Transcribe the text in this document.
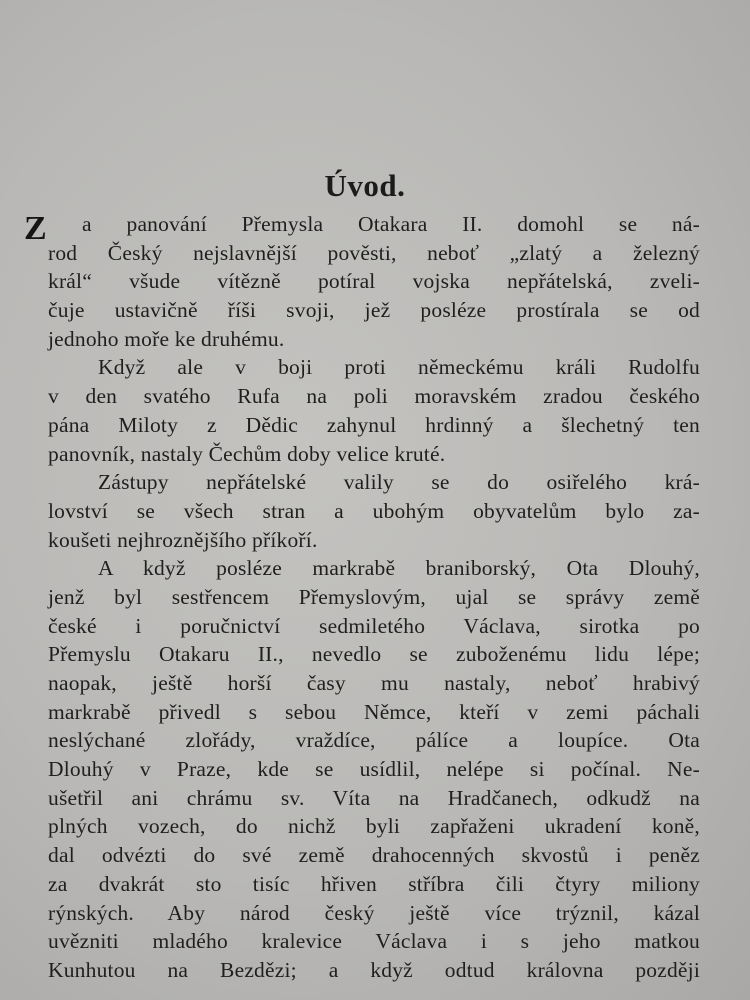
Úvod.
Z	a panování Přemysla Otakara II. domohl se ná-
rod Český nejslavnější pověsti, neboť „zlatý a železný
král“ všude vítězně potíral vojska nepřátelská, zveli-
čuje ustavičně říši svoji, jež posléze prostírala se od
jednoho moře ke druhému.
Když ale v boji proti německému králi Rudolfu
v den svatého Rufa na poli moravském zradou českého
pána Miloty z Dědic zahynul hrdinný a šlechetný ten
panovník, nastaly Čechům doby velice kruté.
Zástupy nepřátelské valily se do osiřelého krá-
lovství se všech stran a ubohým obyvatelům bylo za-
koušeti nejhroznějšího příkoří.
A když posléze markrabě braniborský, Ota Dlouhý,
jenž byl sestřencem Přemyslovým, ujal se správy země
české i poručnictví sedmiletého Václava, sirotka po
Přemyslu Otakaru II., nevedlo se zuboženému lidu lépe;
naopak, ještě horší časy mu nastaly, neboť hrabivý
markrabě přivedl s sebou Němce, kteří v zemi páchali
neslýchané zlořády, vraždíce, pálíce a loupíce. Ota
Dlouhý v Praze, kde se usídlil, nelépe si počínal. Ne-
ušetřil ani chrámu sv. Víta na Hradčanech, odkudž na
plných vozech, do nichž byli zapřaženi ukradení koně,
dal odvézti do své země drahocenných skvostů i peněz
za dvakrát sto tisíc hřiven stříbra čili čtyry miliony
rýnských. Aby národ český ještě více trýznil, kázal
uvězniti mladého kralevice Václava i s jeho matkou
Kunhutou na Bezdězi; a když odtud královna později
